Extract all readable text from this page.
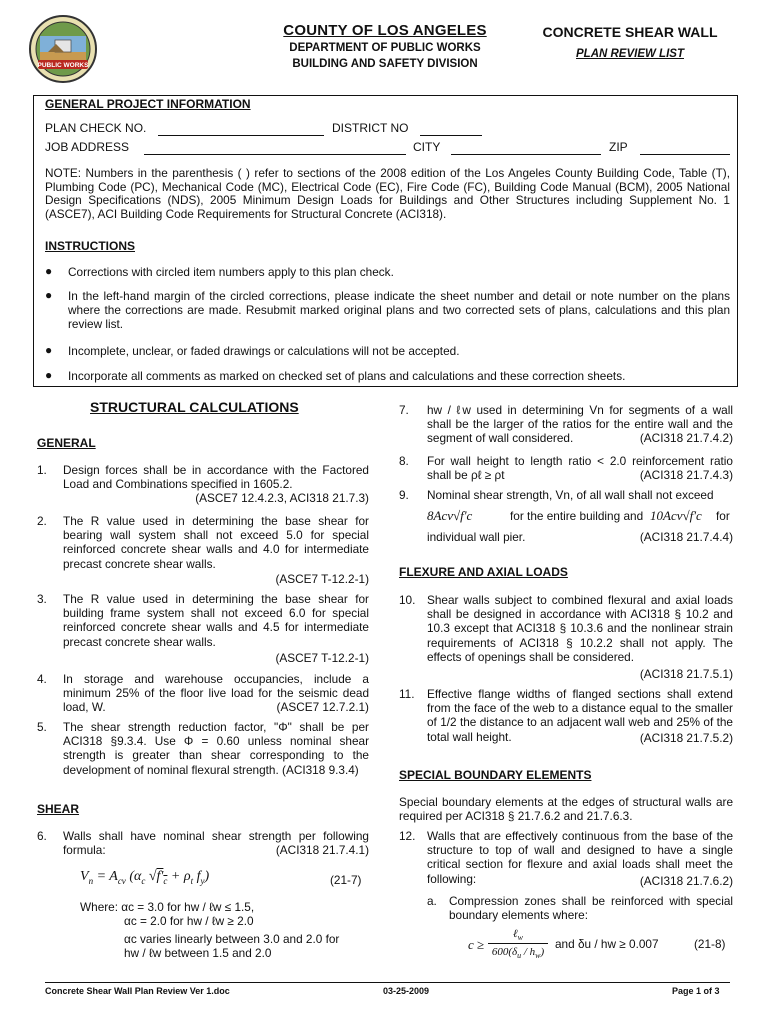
PUBLIC WORKS
COUNTY OF LOS ANGELES
DEPARTMENT OF PUBLIC WORKS
BUILDING AND SAFETY DIVISION
CONCRETE SHEAR WALL
PLAN REVIEW LIST
GENERAL PROJECT INFORMATION
PLAN CHECK NO.	DISTRICT NO
JOB ADDRESS	CITY	ZIP
NOTE: Numbers in the parenthesis ( ) refer to sections of the 2008 edition of the Los Angeles County Building Code, Table (T), Plumbing Code (PC), Mechanical Code (MC), Electrical Code (EC), Fire Code (FC), Building Code Manual (BCM), 2005 National Design Specifications (NDS), 2005 Minimum Design Loads for Buildings and Other Structures including Supplement No. 1 (ASCE7), ACI Building Code Requirements for Structural Concrete (ACI318).
INSTRUCTIONS
● Corrections with circled item numbers apply to this plan check.
● In the left-hand margin of the circled corrections, please indicate the sheet number and detail or note number on the plans where the corrections are made. Resubmit marked original plans and two corrected sets of plans, calculations and this plan review list.
● Incomplete, unclear, or faded drawings or calculations will not be accepted.
● Incorporate all comments as marked on checked set of plans and calculations and these correction sheets.
STRUCTURAL CALCULATIONS
GENERAL
1. Design forces shall be in accordance with the Factored Load and Combinations specified in 1605.2.
(ASCE7 12.4.2.3, ACI318 21.7.3)
2. The R value used in determining the base shear for bearing wall system shall not exceed 5.0 for special reinforced concrete shear walls and 4.0 for intermediate precast concrete shear walls.
(ASCE7 T-12.2-1)
3. The R value used in determining the base shear for building frame system shall not exceed 6.0 for special reinforced concrete shear walls and 4.5 for intermediate precast concrete shear walls.
(ASCE7 T-12.2-1)
4. In storage and warehouse occupancies, include a minimum 25% of the floor live load for the seismic dead load, W.	(ASCE7 12.7.2.1)
5. The shear strength reduction factor, "Φ" shall be per ACI318 §9.3.4. Use Φ = 0.60 unless nominal shear strength is greater than shear corresponding to the development of nominal flexural strength. (ACI318 9.3.4)
SHEAR
6. Walls shall have nominal shear strength per following formula:	(ACI318 21.7.4.1)
$V_n = A_{cv}$ ($\alpha_c$ $√f'_c + \rho_t$ $f_y$)	(21-7)
Where: αc = 3.0 for hw / ℓw ≤ 1.5,
αc = 2.0 for hw / ℓw ≥ 2.0
αc varies linearly between 3.0 and 2.0 for
hw / ℓw between 1.5 and 2.0
7. hw / ℓw used in determining Vn for segments of a wall shall be the larger of the ratios for the entire wall and the segment of wall considered.	(ACI318 21.7.4.2)
8. For wall height to length ratio < 2.0 reinforcement ratio shall be ρℓ ≥ ρt	(ACI318 21.7.4.3)
9. Nominal shear strength, Vn, of all wall shall not exceed
8Acv√f'c	for the entire building and 10Acv√f'c for
individual wall pier.	(ACI318 21.7.4.4)
FLEXURE AND AXIAL LOADS
10. Shear walls subject to combined flexural and axial loads shall be designed in accordance with ACI318 § 10.2 and 10.3 except that ACI318 § 10.3.6 and the nonlinear strain requirements of ACI318 § 10.2.2 shall not apply. The effects of openings shall be considered.
(ACI318 21.7.5.1)
11. Effective flange widths of flanged sections shall extend from the face of the web to a distance equal to the smaller of 1/2 the distance to an adjacent wall web and 25% of the total wall height.	(ACI318 21.7.5.2)
SPECIAL BOUNDARY ELEMENTS
Special boundary elements at the edges of structural walls are required per ACI318 § 21.7.6.2 and 21.7.6.3.
12. Walls that are effectively continuous from the base of the structure to top of wall and designed to have a single critical section for flexure and axial loads shall meet the following:	(ACI318 21.7.6.2)
a. Compression zones shall be reinforced with special boundary elements where:
c ≥
ℓ$_w$
$600(\delta_u / h_w)$
and δu / hw ≥ 0.007	(21-8)
Concrete Shear Wall Plan Review Ver 1.doc	03-25-2009	Page 1 of 3
